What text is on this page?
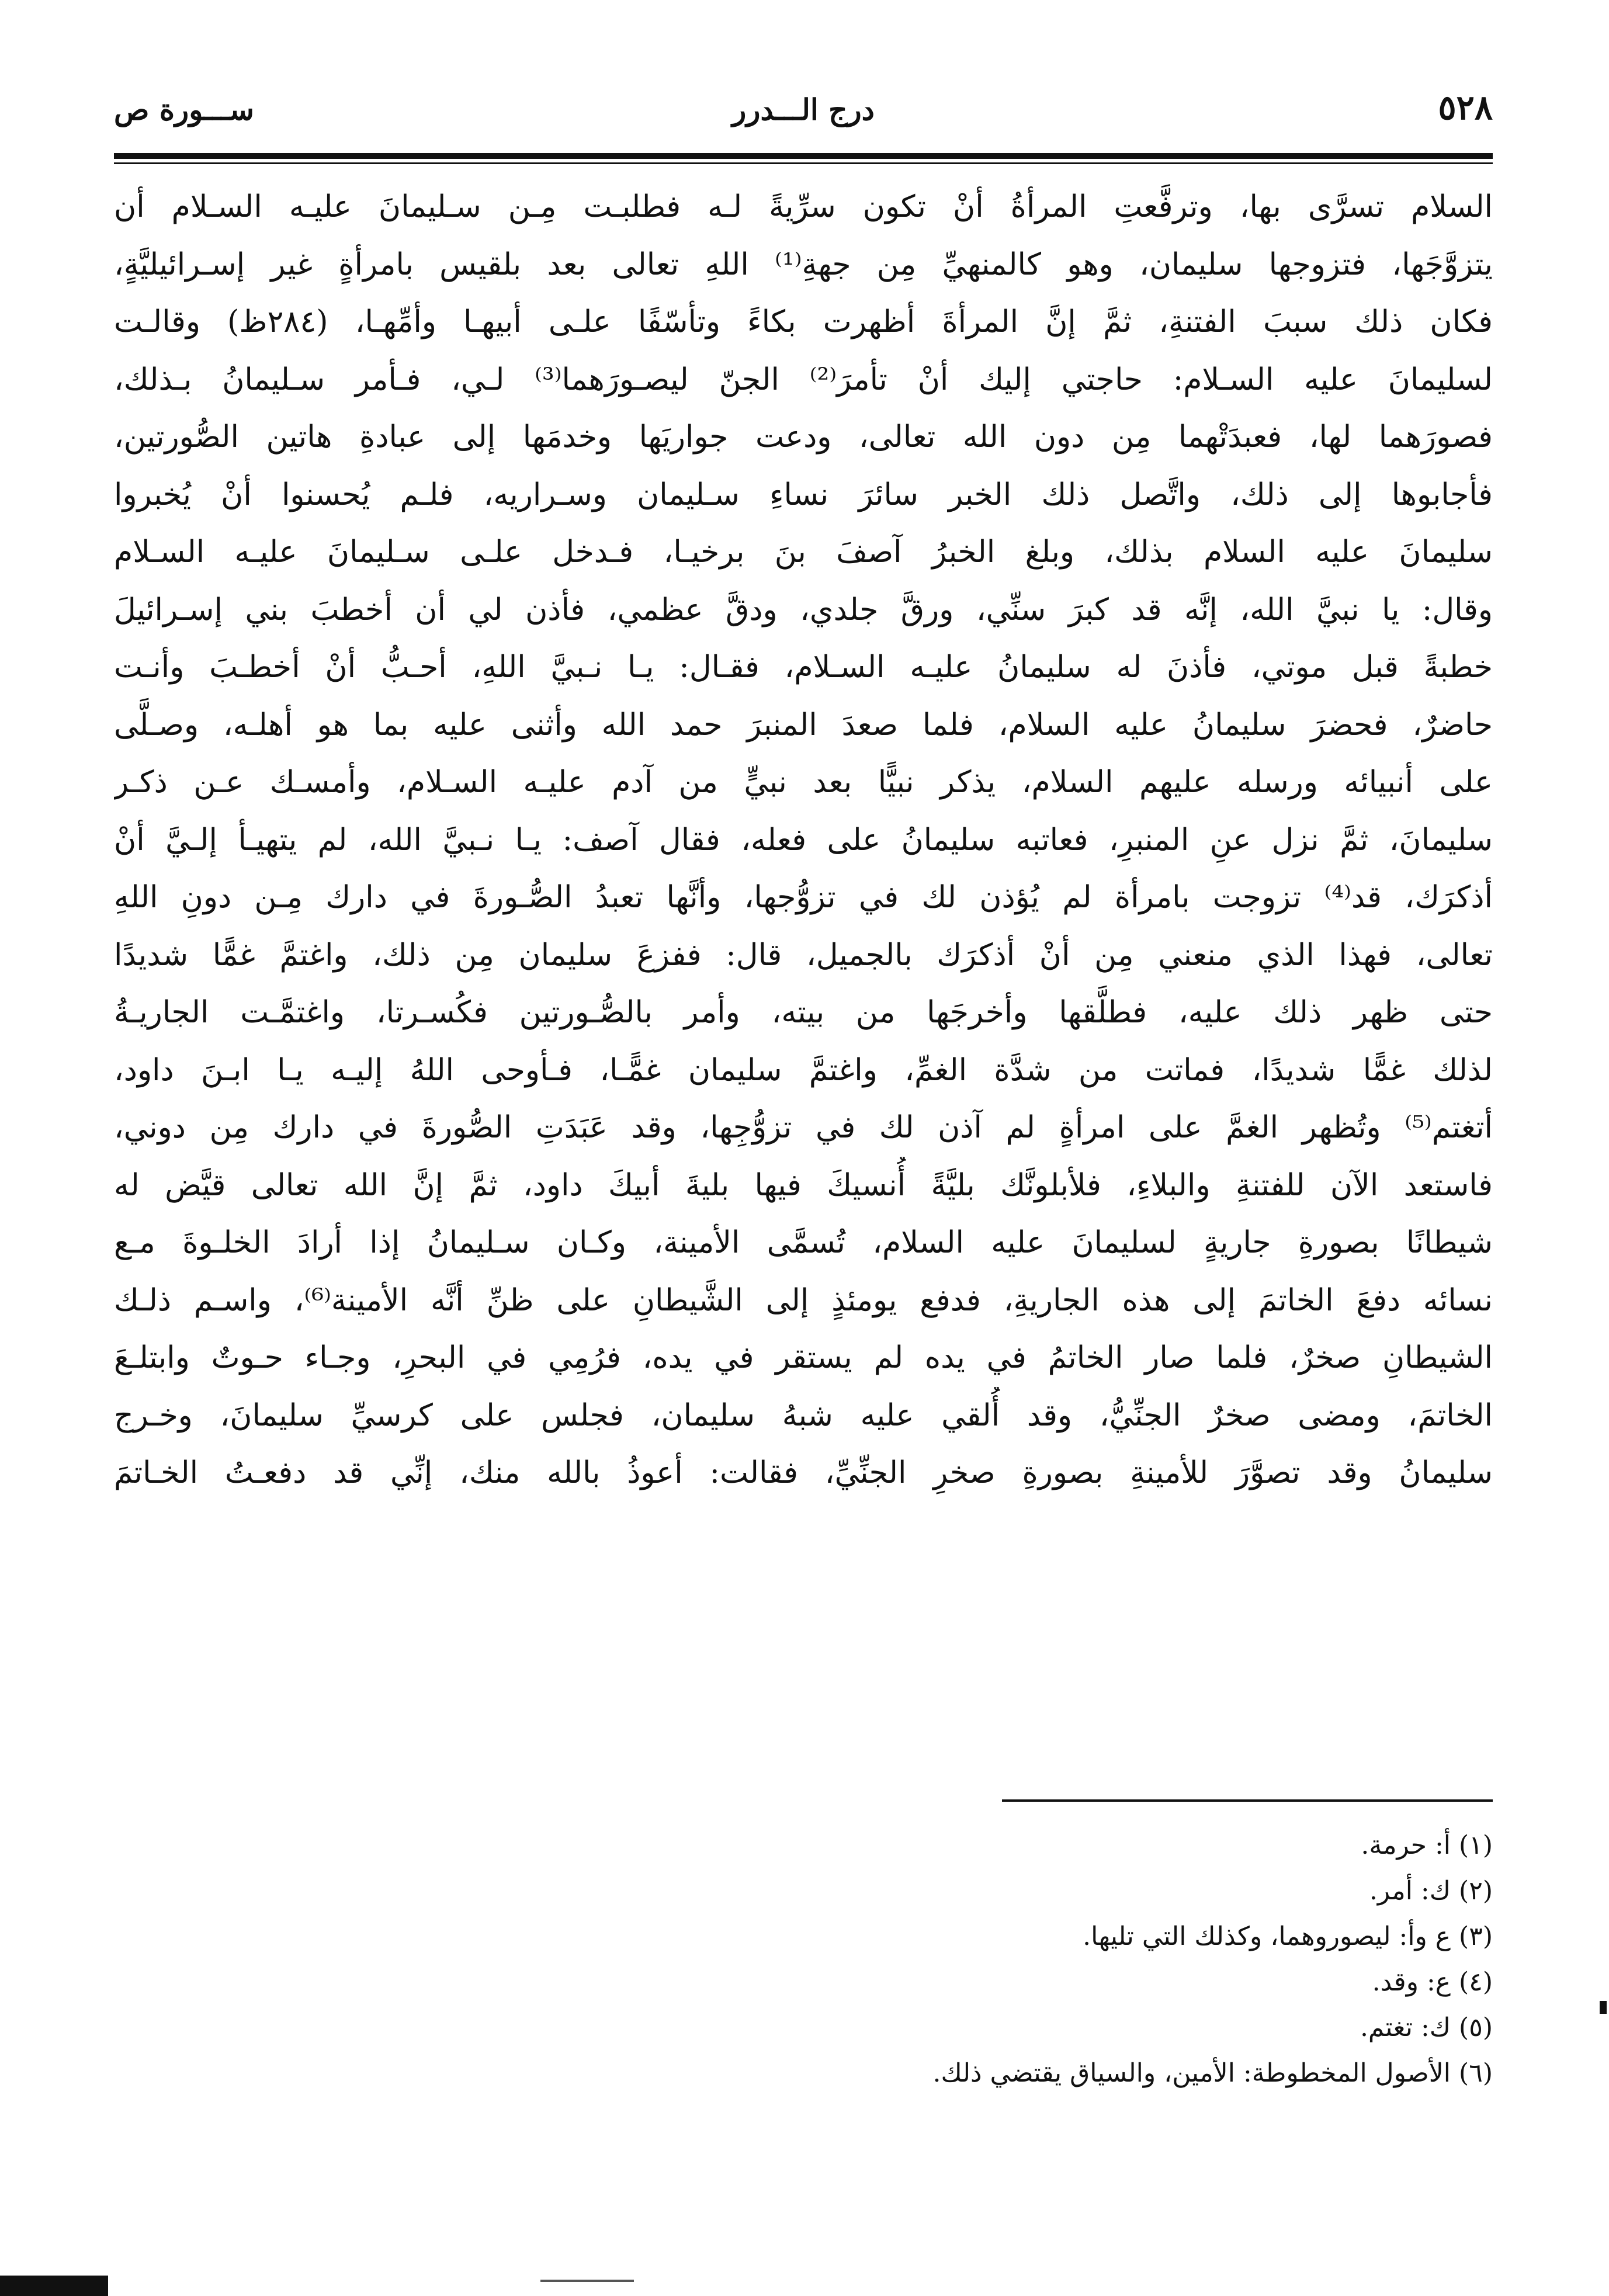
٥٢٨
درج الـــدرر
ســـورة ص
السلام تسرَّى بها، وترفَّعتِ المرأةُ أنْ تكون سرِّيةً لـه فطلبـت مِـن سـليمانَ عليـه السـلام أن
يتزوَّجَها، فتزوجها سليمان، وهو كالمنهيِّ مِن جهةِ⁽¹⁾ اللهِ تعالى بعد بلقيس بامرأةٍ غير إسـرائيليَّةٍ،
فكان ذلك سببَ الفتنةِ، ثمَّ إنَّ المرأةَ أظهرت بكاءً وتأسّفًا علـى أبيهـا وأمِّهـا، (٢٨٤ظ) وقالـت
لسليمانَ عليه السـلام: حاجتي إليك أنْ تأمرَ⁽²⁾ الجنّ ليصـورَهما⁽³⁾ لـي، فـأمر سـليمانُ بـذلك،
فصورَهما لها، فعبدَتْهما مِن دون الله تعالى، ودعت جواريَها وخدمَها إلى عبادةِ هاتين الصُّورتين،
فأجابوها إلى ذلك، واتَّصل ذلك الخبر سائرَ نساءِ سـليمان وسـراريه، فلـم يُحسنوا أنْ يُخبروا
سليمانَ عليه السلام بذلك، وبلغ الخبرُ آصفَ بنَ برخيـا، فـدخل علـى سـليمانَ عليـه السـلام
وقال: يا نبيَّ الله، إنَّه قد كبرَ سنِّي، ورقَّ جلدي، ودقَّ عظمي، فأذن لي أن أخطبَ بني إسـرائيلَ
خطبةً قبل موتي، فأذنَ له سليمانُ عليـه السـلام، فقـال: يـا نـبيَّ اللهِ، أحـبُّ أنْ أخطـبَ وأنـت
حاضرٌ، فحضرَ سليمانُ عليه السلام، فلما صعدَ المنبرَ حمد الله وأثنى عليه بما هو أهلـه، وصـلَّى
على أنبيائه ورسله عليهم السلام، يذكر نبيًّا بعد نبيٍّ من آدم عليـه السـلام، وأمسـك عـن ذكـر
سليمانَ، ثمَّ نزل عنِ المنبرِ، فعاتبه سليمانُ على فعله، فقال آصف: يـا نـبيَّ الله، لم يتهيـأ إلـيَّ أنْ
أذكرَك، قد⁽⁴⁾ تزوجت بامرأة لم يُؤذن لك في تزوُّجها، وأنَّها تعبدُ الصُّـورةَ في دارك مِـن دونِ اللهِ
تعالى، فهذا الذي منعني مِن أنْ أذكرَك بالجميل، قال: ففزعَ سليمان مِن ذلك، واغتمَّ غمًّا شديدًا
حتى ظهر ذلك عليه، فطلَّقها وأخرجَها من بيته، وأمر بالصُّـورتين فكُسـرتا، واغتمَّـت الجاريـةُ
لذلك غمًّا شديدًا، فماتت من شدَّة الغمِّ، واغتمَّ سليمان غمًّـا، فـأوحى اللهُ إليـه يـا ابـنَ داود،
أتغتم⁽⁵⁾ وتُظهر الغمَّ على امرأةٍ لم آذن لك في تزوُّجِها، وقد عَبَدَتِ الصُّورةَ في دارك مِن دوني،
فاستعد الآن للفتنةِ والبلاءِ، فلأبلونَّك بليَّةً أُنسيكَ فيها بليةَ أبيكَ داود، ثمَّ إنَّ الله تعالى قيَّض له
شيطانًا بصورةِ جاريةٍ لسليمانَ عليه السلام، تُسمَّى الأمينة، وكـان سـليمانُ إذا أرادَ الخلـوةَ مـع
نسائه دفعَ الخاتمَ إلى هذه الجاريةِ، فدفع يومئذٍ إلى الشَّيطانِ على ظنِّ أنَّه الأمينة⁽⁶⁾، واسـم ذلـك
الشيطانِ صخرٌ، فلما صار الخاتمُ في يده لم يستقر في يده، فرُمِي في البحرِ، وجـاء حـوتٌ وابتلـعَ
الخاتمَ، ومضى صخرٌ الجنِّيُّ، وقد أُلقي عليه شبهُ سليمان، فجلس على كرسيِّ سليمانَ، وخـرج
سليمانُ وقد تصوَّرَ للأمينةِ بصورةِ صخرِ الجنِّيِّ، فقالت: أعوذُ بالله منك، إنِّي قد دفعـتُ الخـاتمَ
(١) أ: حرمة.
(٢) ك: أمر.
(٣) ع وأ: ليصوروهما، وكذلك التي تليها.
(٤) ع: وقد.
(٥) ك: تغتم.
(٦) الأصول المخطوطة: الأمين، والسياق يقتضي ذلك.
